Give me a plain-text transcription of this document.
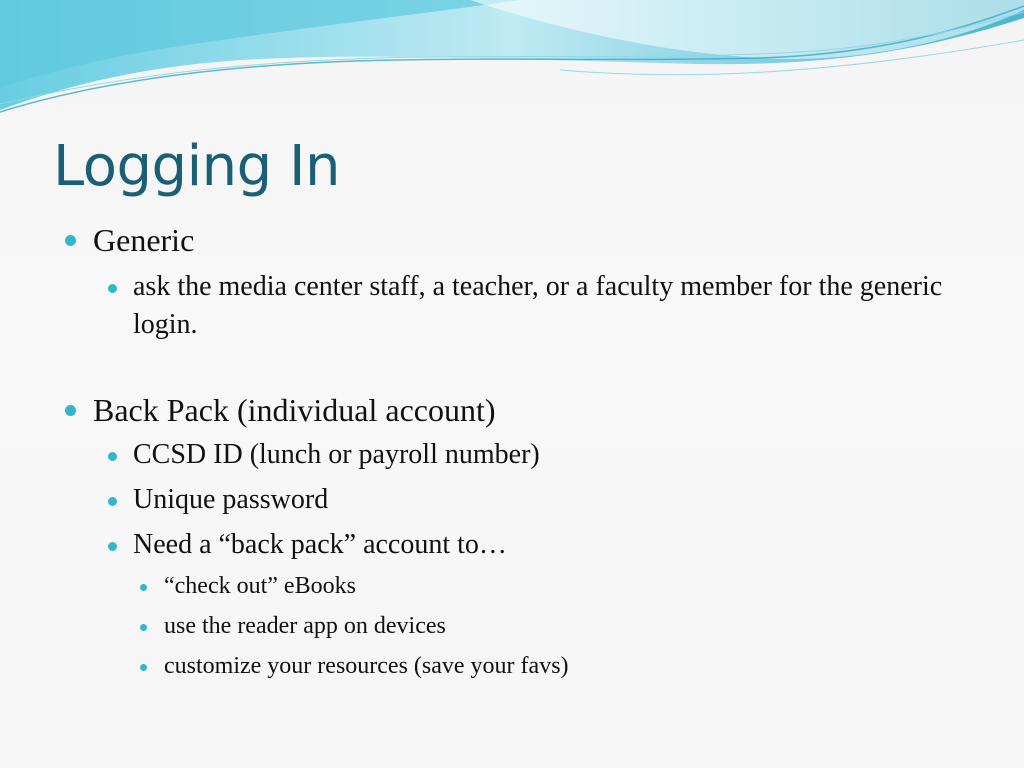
Logging In
Generic
ask the media center staff, a teacher, or a faculty member for the generic login.
Back Pack (individual account)
CCSD ID (lunch or payroll number)
Unique password
Need a “back pack” account to…
“check out” eBooks
use the reader app on devices
customize your resources (save your favs)
